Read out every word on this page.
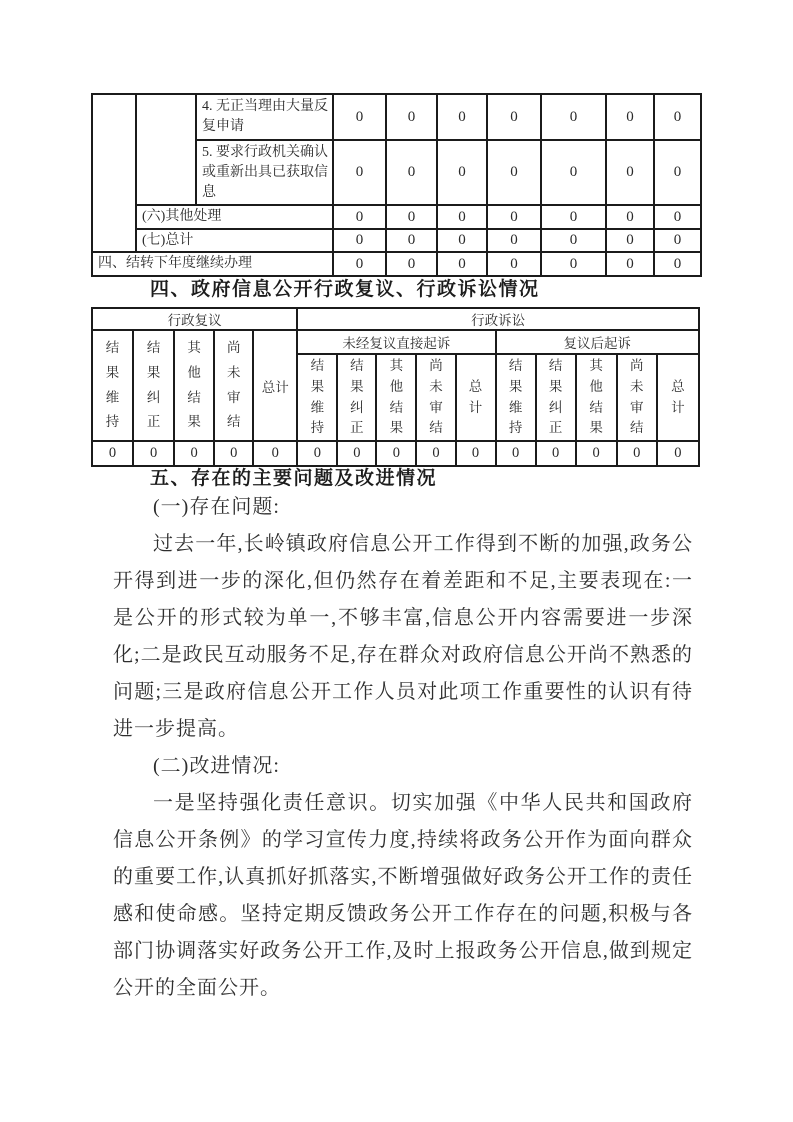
		4. 无正当理由大量反复申请	0	0	0	0	0	0	0
		5. 要求行政机关确认或重新出具已获取信息	0	0	0	0	0	0	0
	(六)其他处理		0	0	0	0	0	0	0
	(七)总计		0	0	0	0	0	0	0
四、结转下年度继续办理			0	0	0	0	0	0	0
四、政府信息公开行政复议、行政诉讼情况
行政复议					行政诉讼									
结果维持	结果纠正	其他结果	尚未审结	总计	未经复议直接起诉					复议后起诉				
					结果维持	结果纠正	其他结果	尚未审结	总计	结果维持	结果纠正	其他结果	尚未审结	总计
0	0	0	0	0	0	0	0	0	0	0	0	0	0	0
五、存在的主要问题及改进情况

(一)存在问题:

过去一年,长岭镇政府信息公开工作得到不断的加强,政务公开得到进一步的深化,但仍然存在着差距和不足,主要表现在:一是公开的形式较为单一,不够丰富,信息公开内容需要进一步深化;二是政民互动服务不足,存在群众对政府信息公开尚不熟悉的问题;三是政府信息公开工作人员对此项工作重要性的认识有待进一步提高。

(二)改进情况:

一是坚持强化责任意识。切实加强《中华人民共和国政府信息公开条例》的学习宣传力度,持续将政务公开作为面向群众的重要工作,认真抓好抓落实,不断增强做好政务公开工作的责任感和使命感。坚持定期反馈政务公开工作存在的问题,积极与各部门协调落实好政务公开工作,及时上报政务公开信息,做到规定公开的全面公开。
